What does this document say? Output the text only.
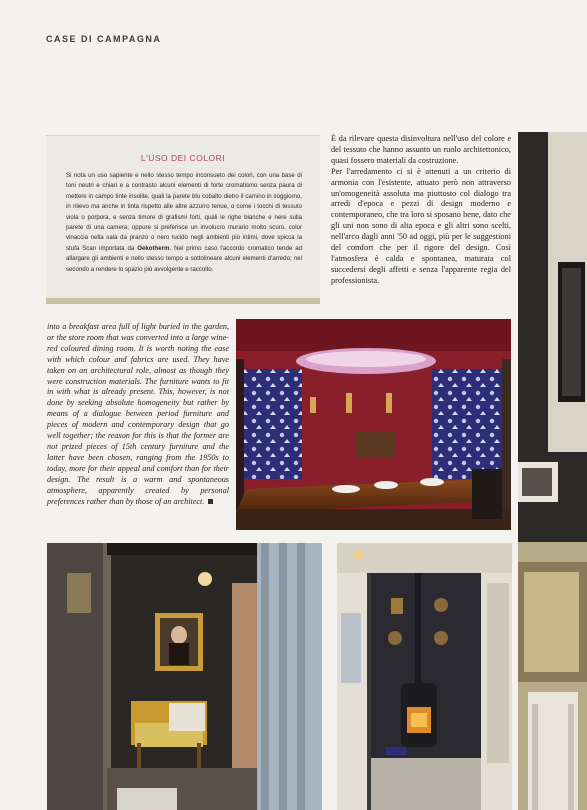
CASE DI CAMPAGNA
L'USO DEI COLORI
Si nota un uso sapiente e nello stesso tempo inconsueto dei colori, con una base di toni neutri e chiari e a contrasto alcuni elementi di forte cromatismo senza paura di mettere in campo tinte insolite, quali la parete blu cobalto dietro il camino in soggiorno, in rilievo ma anche in tinta rispetto alle altre azzurro tenue, o come i tocchi di tessuto viola o porpora, e senza timore di grafismi forti, quali le righe bianche e nere sulla parete di una camera; oppure si preferisce un involucro murario molto scuro, color vinaccia nella sala da pranzo o nero lucido negli ambienti più intimi, dove spicca la stufa Scan importata da Oekotherm. Nel primo caso l'accordo cromatico tende ad allargare gli ambienti e nello stesso tempo a sottolineare alcuni elementi d'arredo; nel secondo a rendere lo spazio più avvolgente e raccolto.

È da rilevare questa disinvoltura nell'uso del colore e del tessuto che hanno assunto un ruolo architettonico, quasi fossero materiali da costruzione.

Per l'arredamento ci si è attenuti a un criterio di armonia con l'esistente, attuato però non attraverso un'omogeneità assoluta ma piuttosto col dialogo tra arredi d'epoca e pezzi di design moderno e contemporaneo, che tra loro si sposano bene, dato che gli uni non sono di alta epoca e gli altri sono scelti, nell'arco dagli anni '50 ad oggi, più per le suggestioni del comfort che per il rigore del design. Così l'atmosfera è calda e spontanea, maturata col succedersi degli affetti e senza l'apparente regia del professionista.

into a breakfast area full of light buried in the garden, or the store room that was converted into a large wine-red coloured dining room. It is worth noting the ease with which colour and fabrics are used. They have taken on an architectural role, almost as though they were construction materials. The furniture wants to fit in with what is already present. This, however, is not done by seeking absolute homogeneity but rather by means of a dialogue between period furniture and pieces of modern and contemporary design that go well together; the reason for this is that the former are not prized pieces of 15th century furniture and the latter have been chosen, ranging from the 1950s to today, more for their appeal and comfort than for their design. The result is a warm and spontaneous atmosphere, apparently created by personal preferences rather than by those of an architect.
